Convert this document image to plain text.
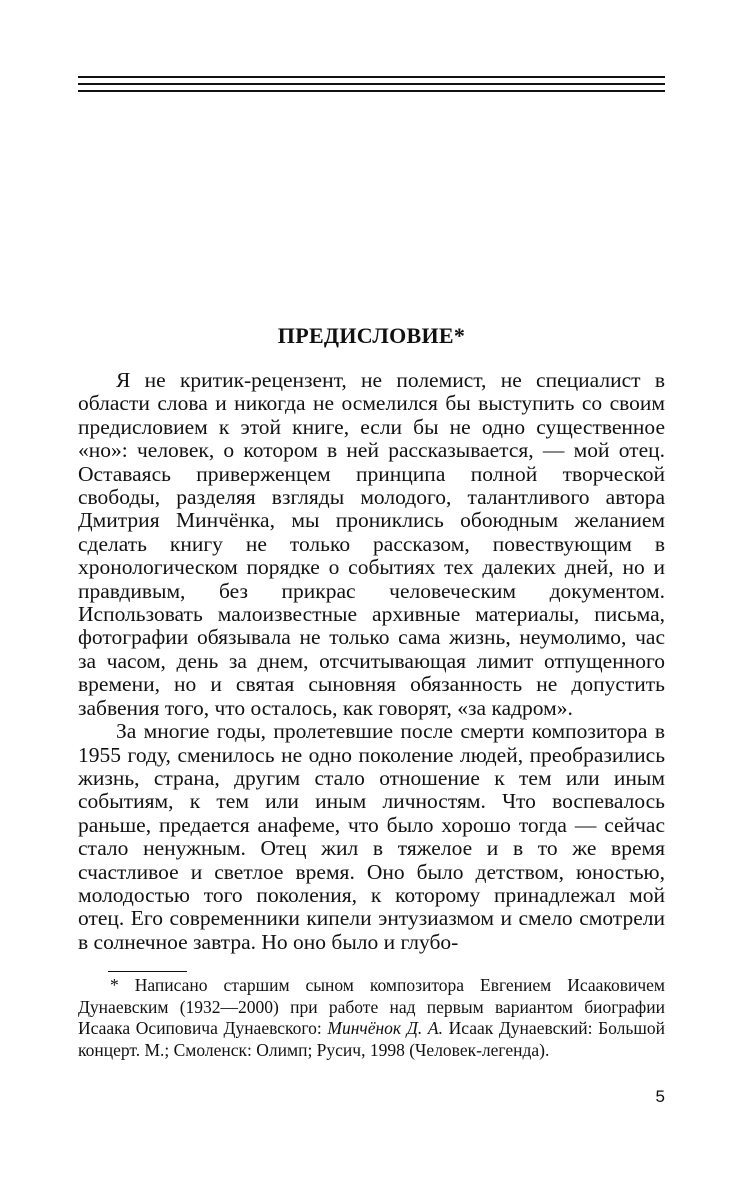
ПРЕДИСЛОВИЕ*

Я не критик-рецензент, не полемист, не специалист в области слова и никогда не осмелился бы выступить со своим предисловием к этой книге, если бы не одно существенное «но»: человек, о котором в ней рассказывается, — мой отец. Оставаясь приверженцем принципа полной творческой свободы, разделяя взгляды молодого, талантливого автора Дмитрия Минчёнка, мы прониклись обоюдным желанием сделать книгу не только рассказом, повествующим в хронологическом порядке о событиях тех далеких дней, но и правдивым, без прикрас человеческим документом. Использовать малоизвестные архивные материалы, письма, фотографии обязывала не только сама жизнь, неумолимо, час за часом, день за днем, отсчитывающая лимит отпущенного времени, но и святая сыновняя обязанность не допустить забвения того, что осталось, как говорят, «за кадром».

За многие годы, пролетевшие после смерти композитора в 1955 году, сменилось не одно поколение людей, преобразились жизнь, страна, другим стало отношение к тем или иным событиям, к тем или иным личностям. Что воспевалось раньше, предается анафеме, что было хорошо тогда — сейчас стало ненужным. Отец жил в тяжелое и в то же время счастливое и светлое время. Оно было детством, юностью, молодостью того поколения, к которому принадлежал мой отец. Его современники кипели энтузиазмом и смело смотрели в солнечное завтра. Но оно было и глубо-

* Написано старшим сыном композитора Евгением Исааковичем Дунаевским (1932—2000) при работе над первым вариантом биографии Исаака Осиповича Дунаевского: Минчёнок Д. А. Исаак Дунаевский: Большой концерт. М.; Смоленск: Олимп; Русич, 1998 (Человек-легенда).

5
